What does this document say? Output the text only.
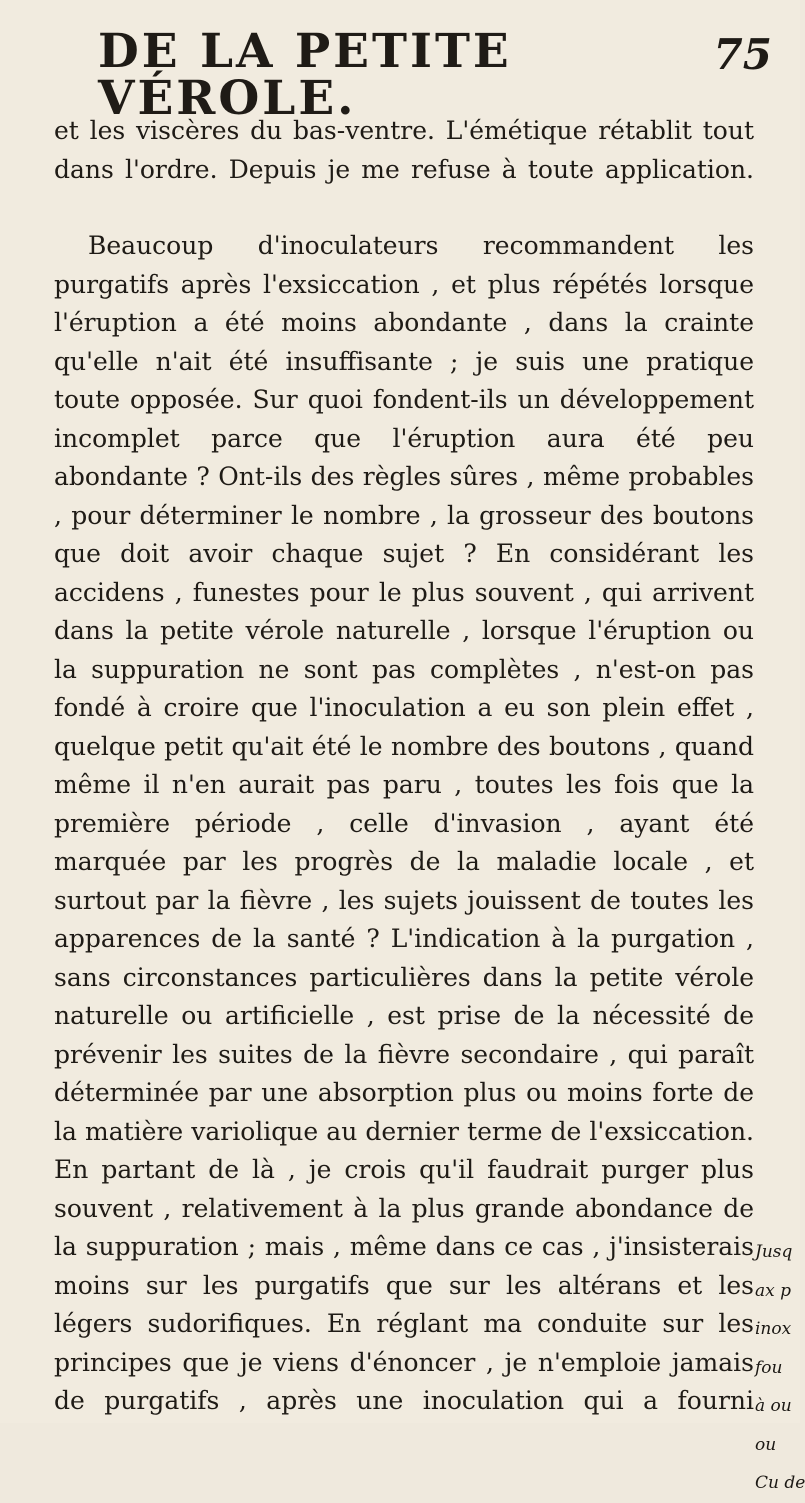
DE LA PETITE VÉROLE.
75

et les viscères du bas-ventre. L'émétique rétablit tout dans l'ordre. Depuis je me refuse à toute application.

Beaucoup d'inoculateurs recommandent les purgatifs après l'exsiccation , et plus répétés lorsque l'éruption a été moins abondante , dans la crainte qu'elle n'ait été insuffisante ; je suis une pratique toute opposée. Sur quoi fondent-ils un développement incomplet parce que l'éruption aura été peu abondante ? Ont-ils des règles sûres , même probables , pour déterminer le nombre , la grosseur des boutons que doit avoir chaque sujet ? En considérant les accidens , funestes pour le plus souvent , qui arrivent dans la petite vérole naturelle , lorsque l'éruption ou la suppuration ne sont pas complètes , n'est-on pas fondé à croire que l'inoculation a eu son plein effet , quelque petit qu'ait été le nombre des boutons , quand même il n'en aurait pas paru , toutes les fois que la première période , celle d'invasion , ayant été marquée par les progrès de la maladie locale , et surtout par la fièvre , les sujets jouissent de toutes les apparences de la santé ? L'indication à la purgation , sans circonstances particulières dans la petite vérole naturelle ou artificielle , est prise de la nécessité de prévenir les suites de la fièvre secondaire , qui paraît déterminée par une absorption plus ou moins forte de la matière variolique au dernier terme de l'exsiccation. En partant de là , je crois qu'il faudrait purger plus souvent , relativement à la plus grande abondance de la suppuration ; mais , même dans ce cas , j'insisterais moins sur les purgatifs que sur les altérans et les légers sudorifiques. En réglant ma conduite sur les principes que je viens d'énoncer , je n'emploie jamais de purgatifs , après une inoculation qui a fourni

Jusq
ax p
inox
fou
à ou
ou
Cu de
